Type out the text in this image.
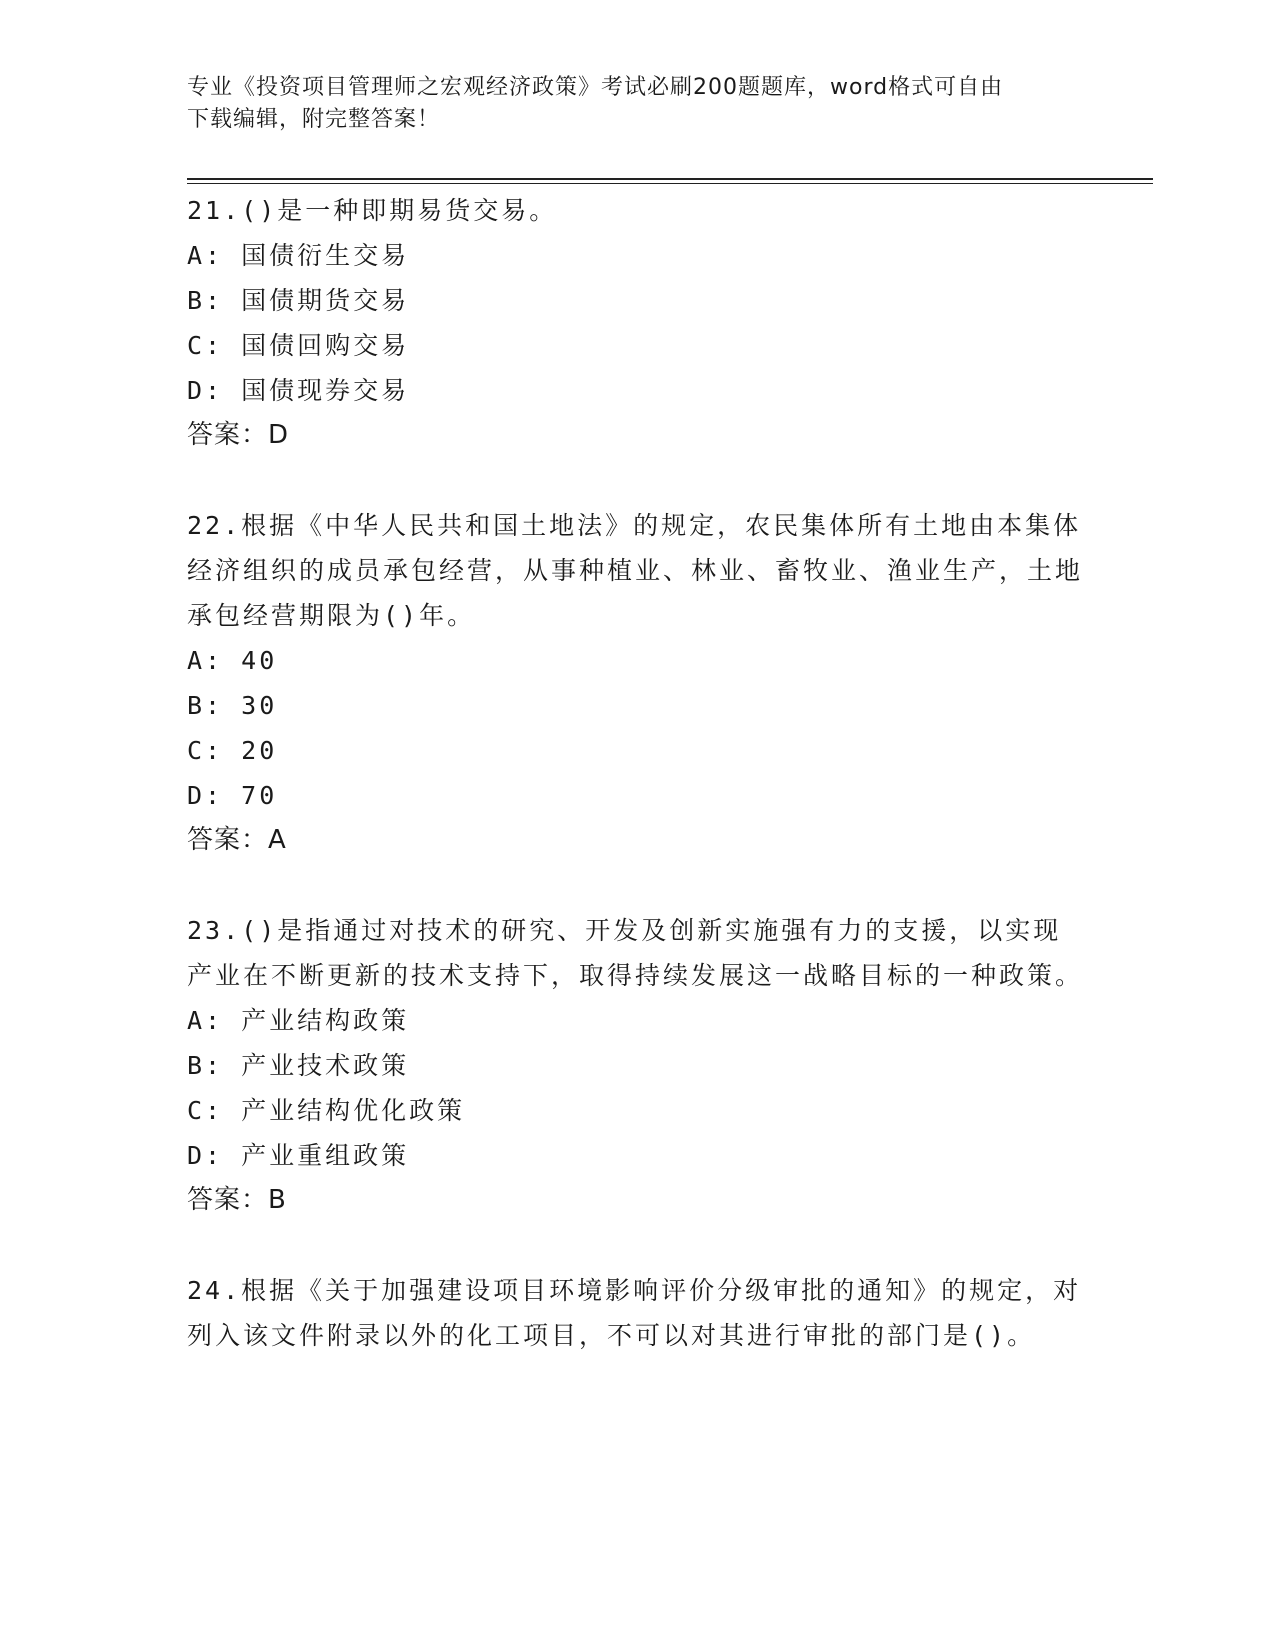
专业《投资项目管理师之宏观经济政策》考试必刷200题题库，word格式可自由
下载编辑，附完整答案！
21.()是一种即期易货交易。
A: 国债衍生交易
B: 国债期货交易
C: 国债回购交易
D: 国债现券交易
答案：D
22.根据《中华人民共和国土地法》的规定，农民集体所有土地由本集体经济组织的成员承包经营，从事种植业、林业、畜牧业、渔业生产，土地承包经营期限为()年。
A: 40
B: 30
C: 20
D: 70
答案：A
23.()是指通过对技术的研究、开发及创新实施强有力的支援，以实现产业在不断更新的技术支持下，取得持续发展这一战略目标的一种政策。
A: 产业结构政策
B: 产业技术政策
C: 产业结构优化政策
D: 产业重组政策
答案：B
24.根据《关于加强建设项目环境影响评价分级审批的通知》的规定，对列入该文件附录以外的化工项目，不可以对其进行审批的部门是()。
